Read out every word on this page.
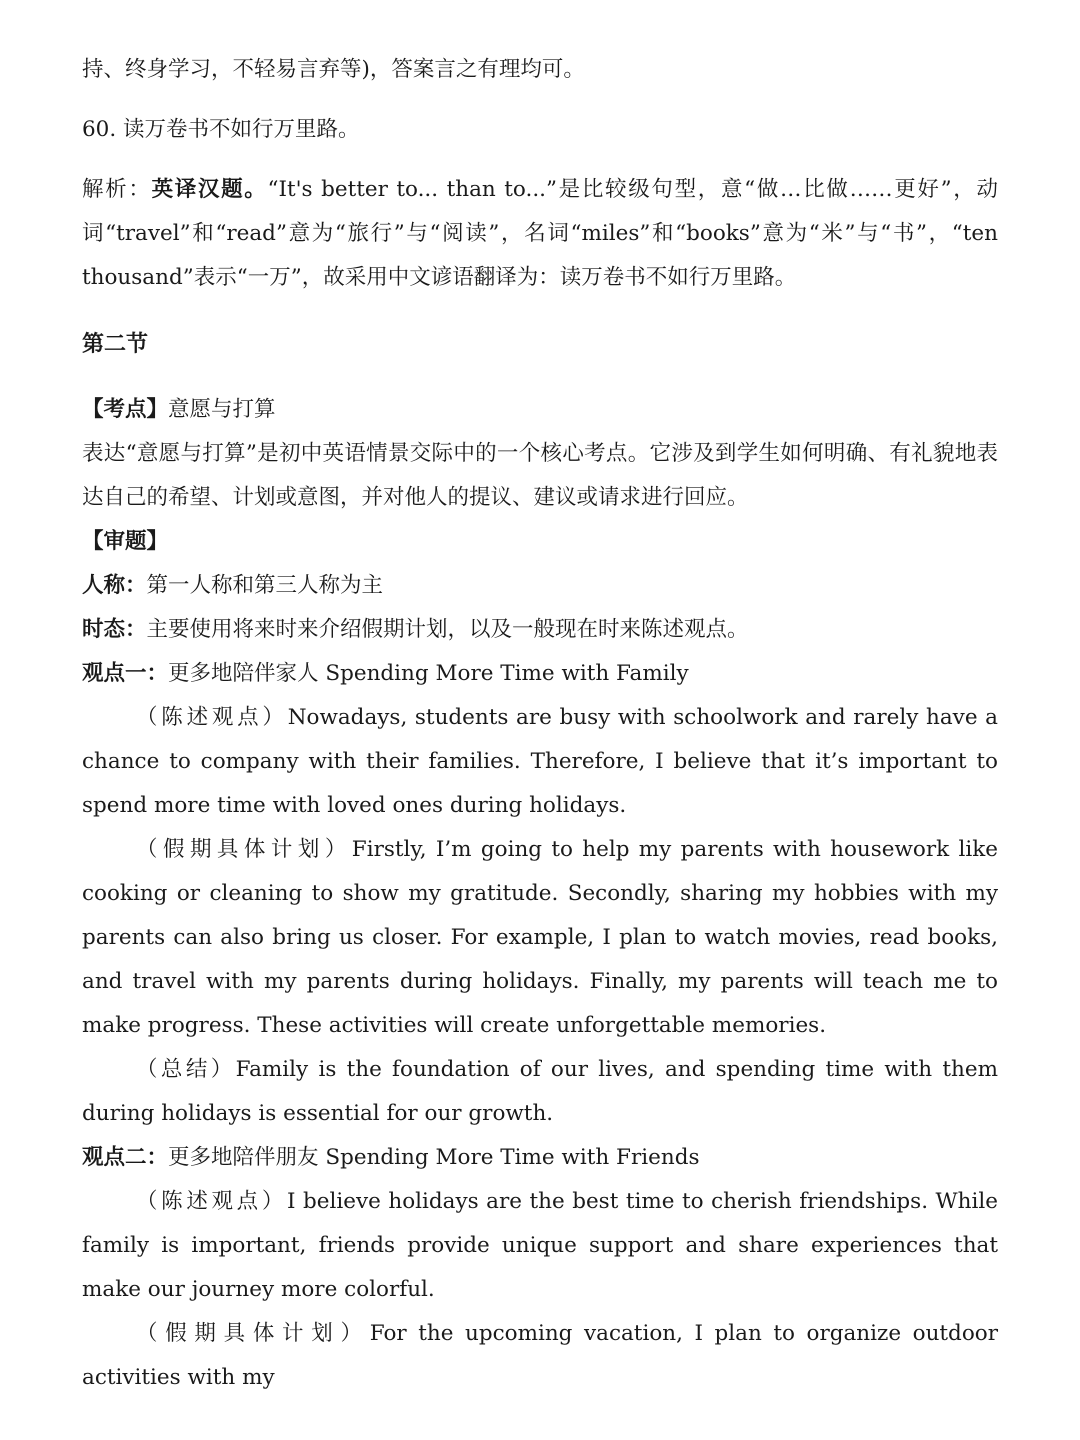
持、终身学习，不轻易言弃等)，答案言之有理均可。

60. 读万卷书不如行万里路。

解析：英译汉题。“It's better to... than to...”是比较级句型，意“做…比做……更好”，动词“travel”和“read”意为“旅行”与“阅读”，名词“miles”和“books”意为“米”与“书”，“ten thousand”表示“一万”，故采用中文谚语翻译为：读万卷书不如行万里路。

第二节

【考点】意愿与打算

表达“意愿与打算”是初中英语情景交际中的一个核心考点。它涉及到学生如何明确、有礼貌地表达自己的希望、计划或意图，并对他人的提议、建议或请求进行回应。

【审题】

人称：第一人称和第三人称为主

时态：主要使用将来时来介绍假期计划，以及一般现在时来陈述观点。

观点一：更多地陪伴家人 Spending More Time with Family

（陈述观点）Nowadays, students are busy with schoolwork and rarely have a chance to company with their families. Therefore, I believe that it’s important to spend more time with loved ones during holidays.

（假期具体计划）Firstly, I’m going to help my parents with housework like cooking or cleaning to show my gratitude. Secondly, sharing my hobbies with my parents can also bring us closer. For example, I plan to watch movies, read books, and travel with my parents during holidays. Finally, my parents will teach me to make progress. These activities will create unforgettable memories.

（总结）Family is the foundation of our lives, and spending time with them during holidays is essential for our growth.

观点二：更多地陪伴朋友 Spending More Time with Friends

（陈述观点）I believe holidays are the best time to cherish friendships. While family is important, friends provide unique support and share experiences that make our journey more colorful.

（假期具体计划）For the upcoming vacation, I plan to organize outdoor activities with my
